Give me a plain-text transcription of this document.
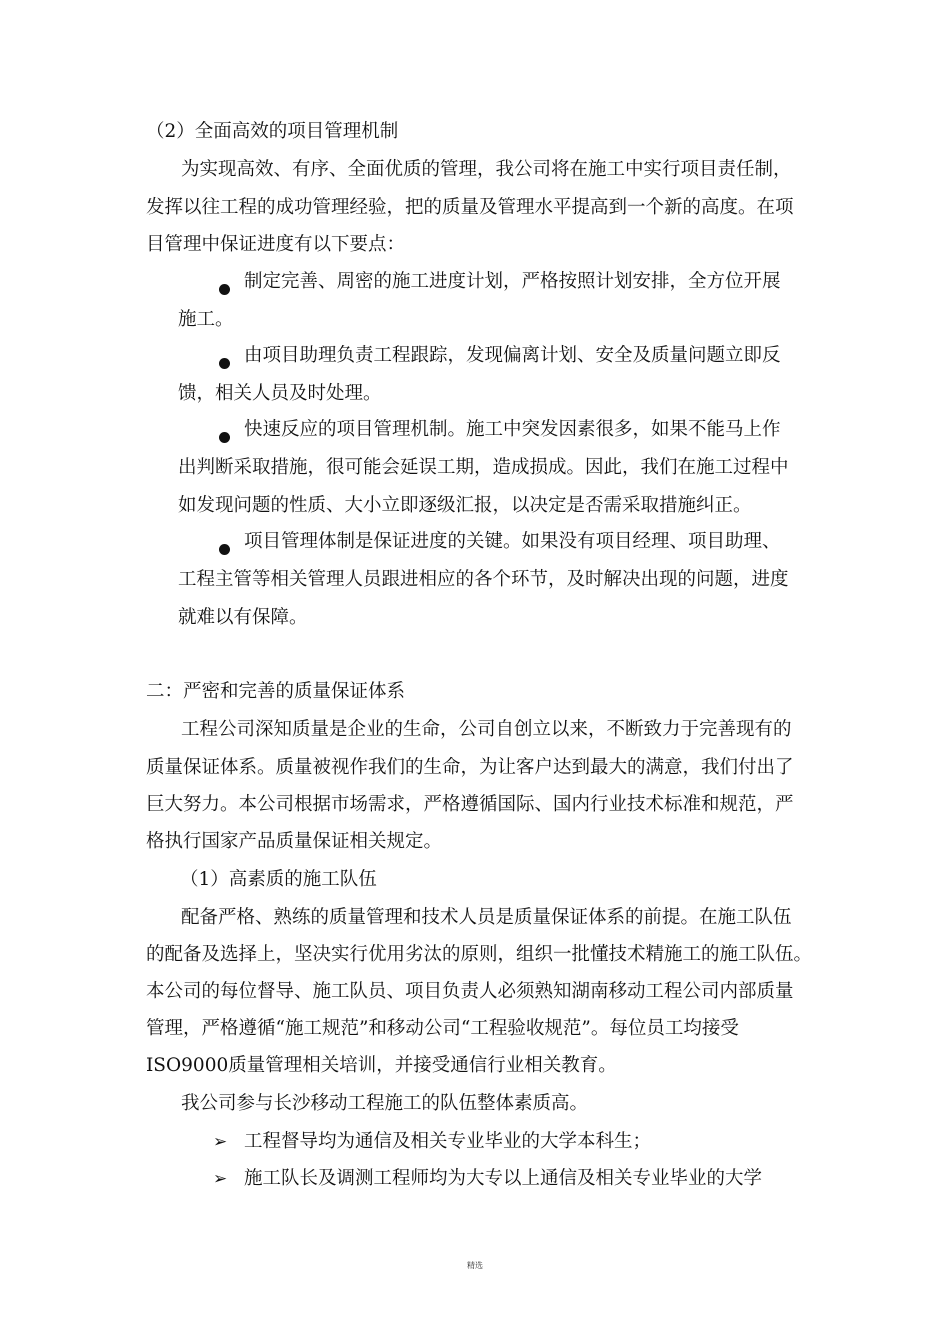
（2）全面高效的项目管理机制
为实现高效、有序、全面优质的管理，我公司将在施工中实行项目责任制，
发挥以往工程的成功管理经验，把的质量及管理水平提高到一个新的高度。在项
目管理中保证进度有以下要点：
制定完善、周密的施工进度计划，严格按照计划安排，全方位开展
施工。
由项目助理负责工程跟踪，发现偏离计划、安全及质量问题立即反
馈，相关人员及时处理。
快速反应的项目管理机制。施工中突发因素很多，如果不能马上作
出判断采取措施，很可能会延误工期，造成损成。因此，我们在施工过程中
如发现问题的性质、大小立即逐级汇报，以决定是否需采取措施纠正。
项目管理体制是保证进度的关键。如果没有项目经理、项目助理、
工程主管等相关管理人员跟进相应的各个环节，及时解决出现的问题，进度
就难以有保障。
二：严密和完善的质量保证体系
工程公司深知质量是企业的生命，公司自创立以来，不断致力于完善现有的
质量保证体系。质量被视作我们的生命，为让客户达到最大的满意，我们付出了
巨大努力。本公司根据市场需求，严格遵循国际、国内行业技术标准和规范，严
格执行国家产品质量保证相关规定。
（1）高素质的施工队伍
配备严格、熟练的质量管理和技术人员是质量保证体系的前提。在施工队伍
的配备及选择上，坚决实行优用劣汰的原则，组织一批懂技术精施工的施工队伍。
本公司的每位督导、施工队员、项目负责人必须熟知湖南移动工程公司内部质量
管理，严格遵循“施工规范”和移动公司“工程验收规范”。每位员工均接受
ISO9000质量管理相关培训，并接受通信行业相关教育。
我公司参与长沙移动工程施工的队伍整体素质高。
➢ 工程督导均为通信及相关专业毕业的大学本科生；
➢ 施工队长及调测工程师均为大专以上通信及相关专业毕业的大学
精选
